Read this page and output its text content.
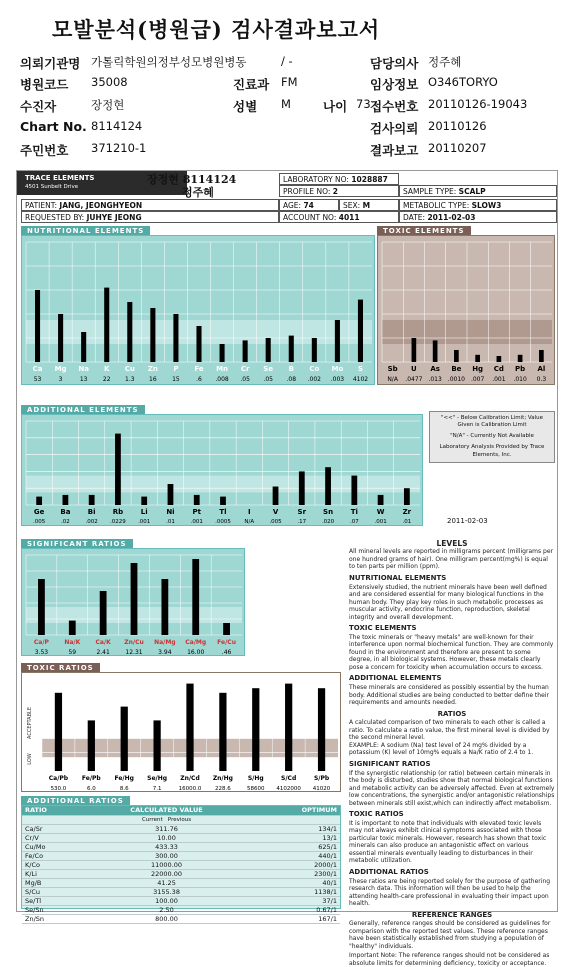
모발분석(병원급) 검사결과보고서
의뢰기관명 가톨릭학원의정부성모병원병동
병원코드 35008
수진자	장정현
Chart No. 8114124
주민번호 371210-1
/ -
진료과 FM
성별 M	나이 73
담당의사 정주혜
임상정보 O346TORYO
접수번호 20110126-19043
검사의뢰 20110126
결과보고 20110207
TRACE ELEMENTS
4501 Sunbelt Drive
장정현 8114124
정주혜
LABORATORY NO: 1028887
PROFILE NO: 2	SAMPLE TYPE: SCALP
PATIENT: JANG, JEONGHYEON	AGE: 74	SEX: M	METABOLIC TYPE: SLOW3
REQUESTED BY: JUHYE JEONG	ACCOUNT NO: 4011	DATE: 2011-02-03
NUTRITIONAL ELEMENTS
Ca
53
Mg
3
Na
13
K
22
Cu
1.3
Zn
16
P
15
Fe
.6
Mn
.008
Cr
.05
Se
.05
B
.08
Co
.002
Mo
.003
S
4102
TOXIC ELEMENTS
Sb
N/A
U
.0477
As
.013
Be
.0010
Hg
.007
Cd
.001
Pb
.010
Al
0.3
ADDITIONAL ELEMENTS
Ge
.005
Ba
.02
Bi
.002
Rb
.0229
Li
.001
Ni
.01
Pt
.001
Tl
.0005
I
N/A
V
.005
Sr
.17
Sn
.020
Ti
.07
W
.001
Zr
.01
"<<" - Below Calibration Limit; Value Given is Calibration Limit
"N/A" - Currently Not Available
Laboratory Analysis Provided by Trace Elements, Inc.
2011-02-03
SIGNIFICANT RATIOS
Ca/P
3.53
Na/K
59
Ca/K
2.41
Zn/Cu
12.31
Na/Mg
3.94
Ca/Mg
16.00
Fe/Cu
.46
TOXIC RATIOS
Ca/Pb
530.0
Fe/Pb
6.0
Fe/Hg
8.6
Se/Hg
7.1
Zn/Cd
16000.0
Zn/Hg
228.6
S/Hg
58600
S/Cd
4102000
S/Pb
41020
ACCEPTABLE
LOW
ADDITIONAL RATIOS
RATIO	CALCULATED VALUE	OPTIMUM
	Current Previous	
Ca/Sr	311.76	134/1
Cr/V	10.00	13/1
Cu/Mo	433.33	625/1
Fe/Co	300.00	440/1
K/Co	11000.00	2000/1
K/Li	22000.00	2300/1
Mg/B	41.25	40/1
S/Cu	3155.38	1138/1
Se/Tl	100.00	37/1
Se/Sn	2.50	0.67/1
Zn/Sn	800.00	167/1
LEVELS
All mineral levels are reported in milligrams percent (milligrams per one hundred grams of hair). One milligram percent(mg%) is equal to ten parts per million (ppm).
NUTRITIONAL ELEMENTS
Extensively studied, the nutrient minerals have been well defined and are considered essential for many biological functions in the human body. They play key roles in such metabolic processes as muscular activity, endocrine function, reproduction, skeletal integrity and overall development.
TOXIC ELEMENTS
The toxic minerals or "heavy metals" are well-known for their interference upon normal biochemical function. They are commonly found in the environment and therefore are present to some degree, in all biological systems. However, these metals clearly pose a concern for toxicity when accumulation occurs to excess.
ADDITIONAL ELEMENTS
These minerals are considered as possibly essential by the human body. Additional studies are being conducted to better define their requirements and amounts needed.
RATIOS
A calculated comparison of two minerals to each other is called a ratio. To calculate a ratio value, the first mineral level is divided by the second mineral level.
EXAMPLE: A sodium (Na) test level of 24 mg% divided by a potassium (K) level of 10mg% equals a Na/K ratio of 2.4 to 1.
SIGNIFICANT RATIOS
If the synergistic relationship (or ratio) between certain minerals in the body is disturbed, studies show that normal biological functions and metabolic activity can be adversely affected. Even at extremely low concentrations, the synergistic and/or antagonistic relationships between minerals still exist,which can indirectly affect metabolism.
TOXIC RATIOS
It is important to note that individuals with elevated toxic levels may not always exhibit clinical symptoms associated with those particular toxic minerals. However, research has shown that toxic minerals can also produce an antagonistic effect on various essential minerals eventually leading to disturbances in their metabolic utilization.
ADDITIONAL RATIOS
These ratios are being reported solely for the purpose of gathering research data. This information will then be used to help the attending health-care professional in evaluating their impact upon health.
REFERENCE RANGES
Generally, reference ranges should be considered as guidelines for comparison with the reported test values. These reference ranges have been statistically established from studying a population of "healthy" individuals.
Important Note: The reference ranges should not be considered as absolute limits for determining deficiency, toxicity or acceptance.
